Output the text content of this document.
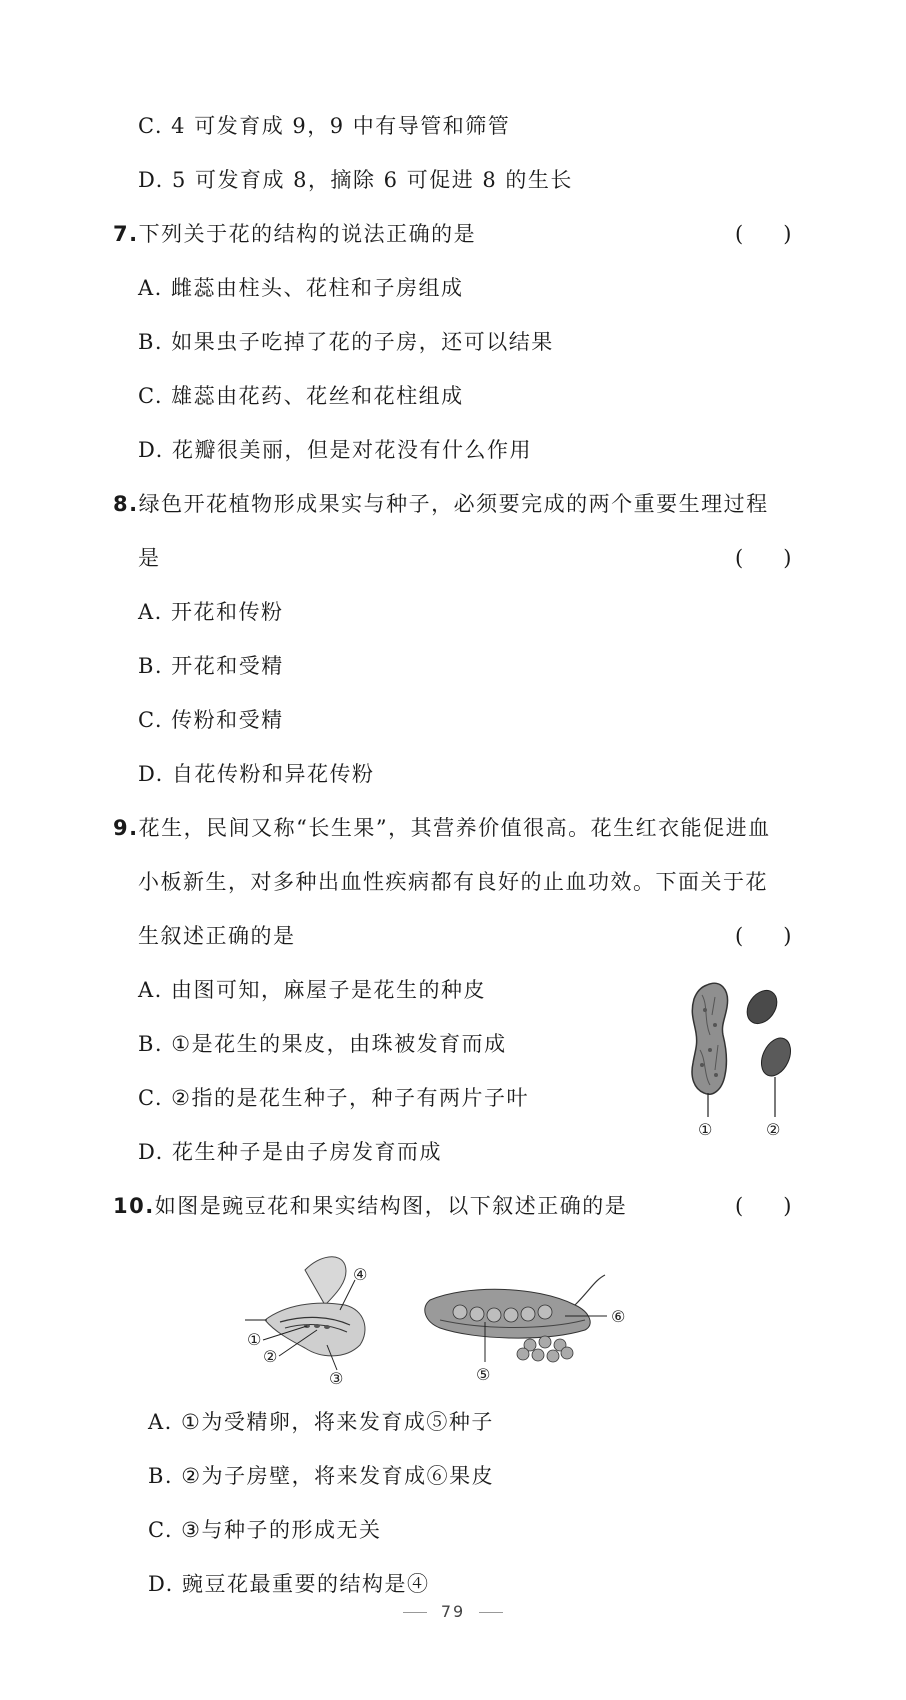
C. 4 可发育成 9，9 中有导管和筛管
D. 5 可发育成 8，摘除 6 可促进 8 的生长
7.下列关于花的结构的说法正确的是	(      )
A. 雌蕊由柱头、花柱和子房组成
B. 如果虫子吃掉了花的子房，还可以结果
C. 雄蕊由花药、花丝和花柱组成
D. 花瓣很美丽，但是对花没有什么作用
8.绿色开花植物形成果实与种子，必须要完成的两个重要生理过程
是	(      )
A. 开花和传粉
B. 开花和受精
C. 传粉和受精
D. 自花传粉和异花传粉
9.花生，民间又称“长生果”，其营养价值很高。花生红衣能促进血
小板新生，对多种出血性疾病都有良好的止血功效。下面关于花
生叙述正确的是	(      )
A. 由图可知，麻屋子是花生的种皮
B. ①是花生的果皮，由珠被发育而成
C. ②指的是花生种子，种子有两片子叶
D. 花生种子是由子房发育而成
①	②
10.如图是豌豆花和果实结构图，以下叙述正确的是	(      )
①
②
③
④
⑤
⑥
A. ①为受精卵，将来发育成⑤种子
B. ②为子房壁，将来发育成⑥果皮
C. ③与种子的形成无关
D. 豌豆花最重要的结构是④
79
